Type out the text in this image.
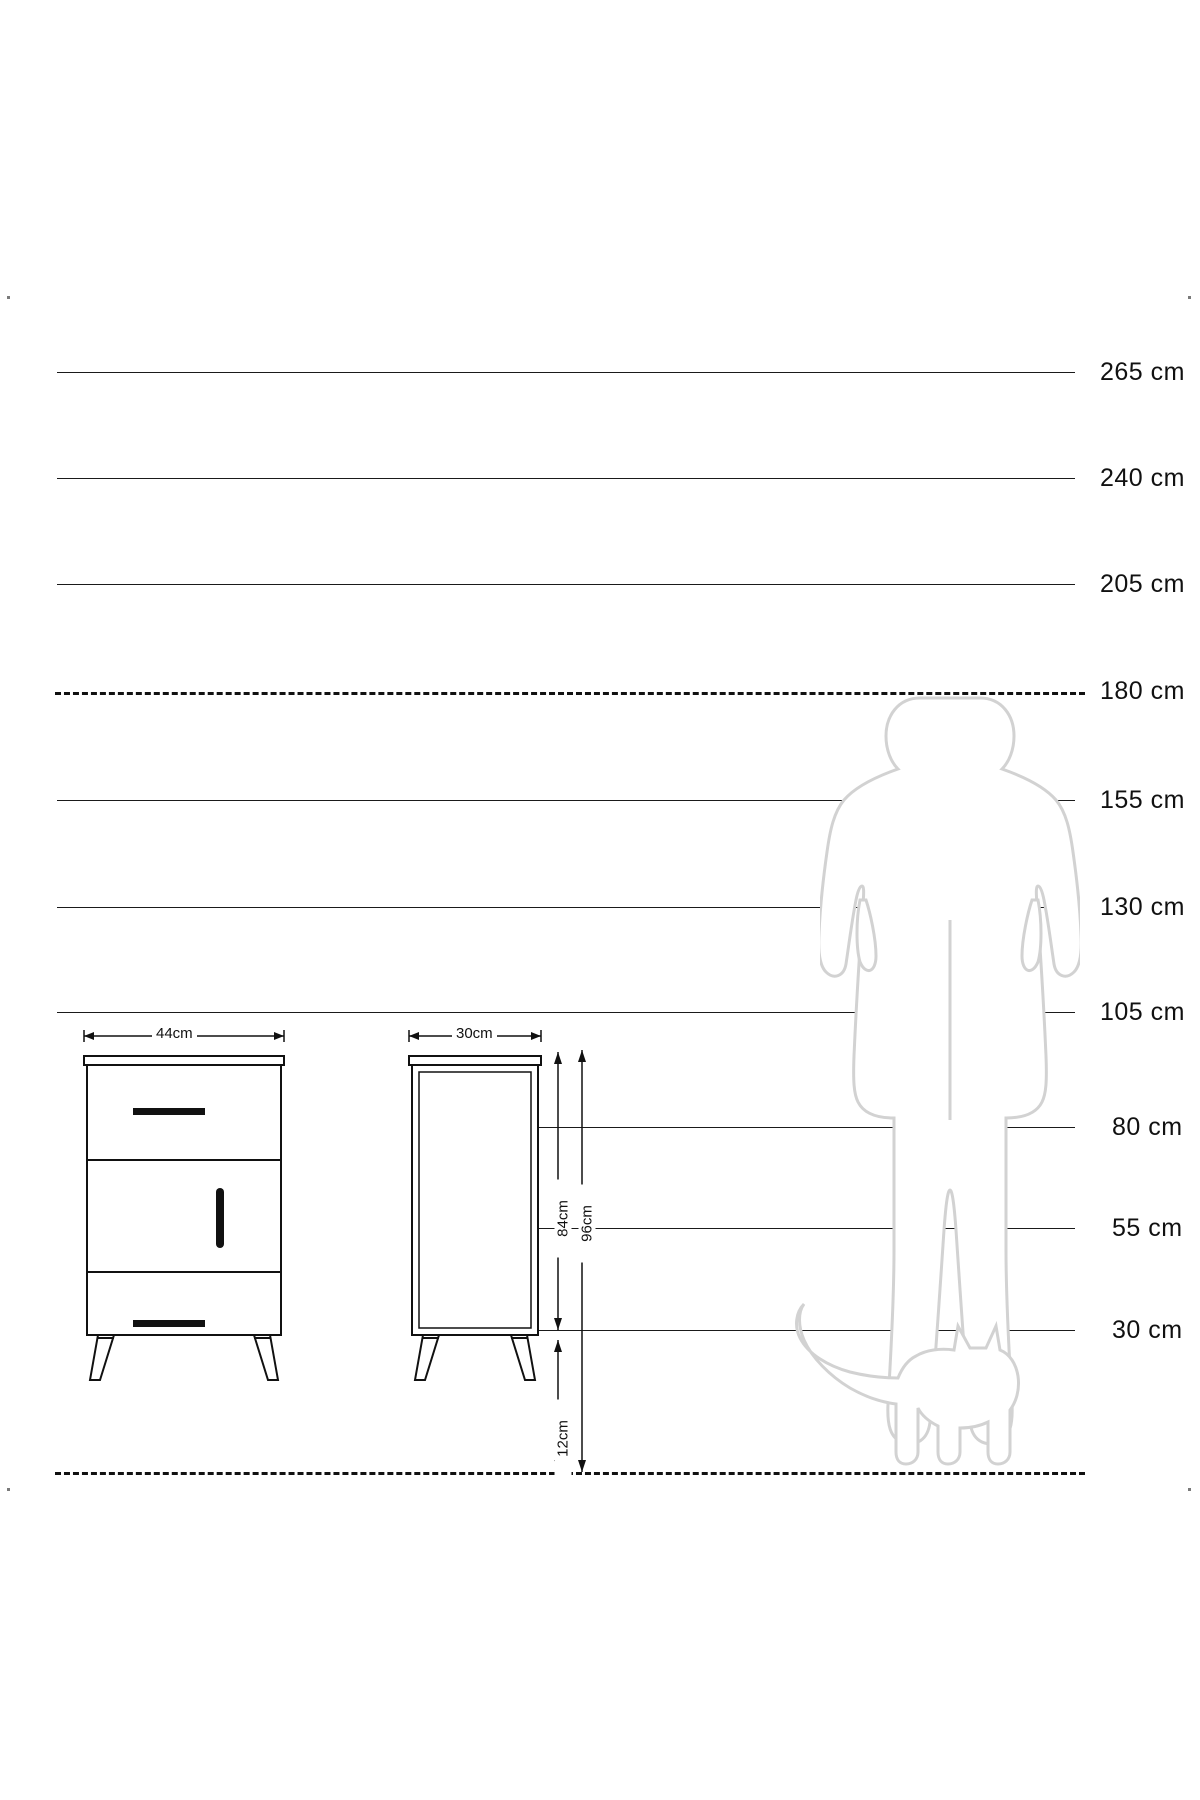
265 cm
240 cm
205 cm
180 cm
155 cm
130 cm
105 cm
80 cm
55 cm
30 cm
44cm	30cm
84cm 96cm
12cm
